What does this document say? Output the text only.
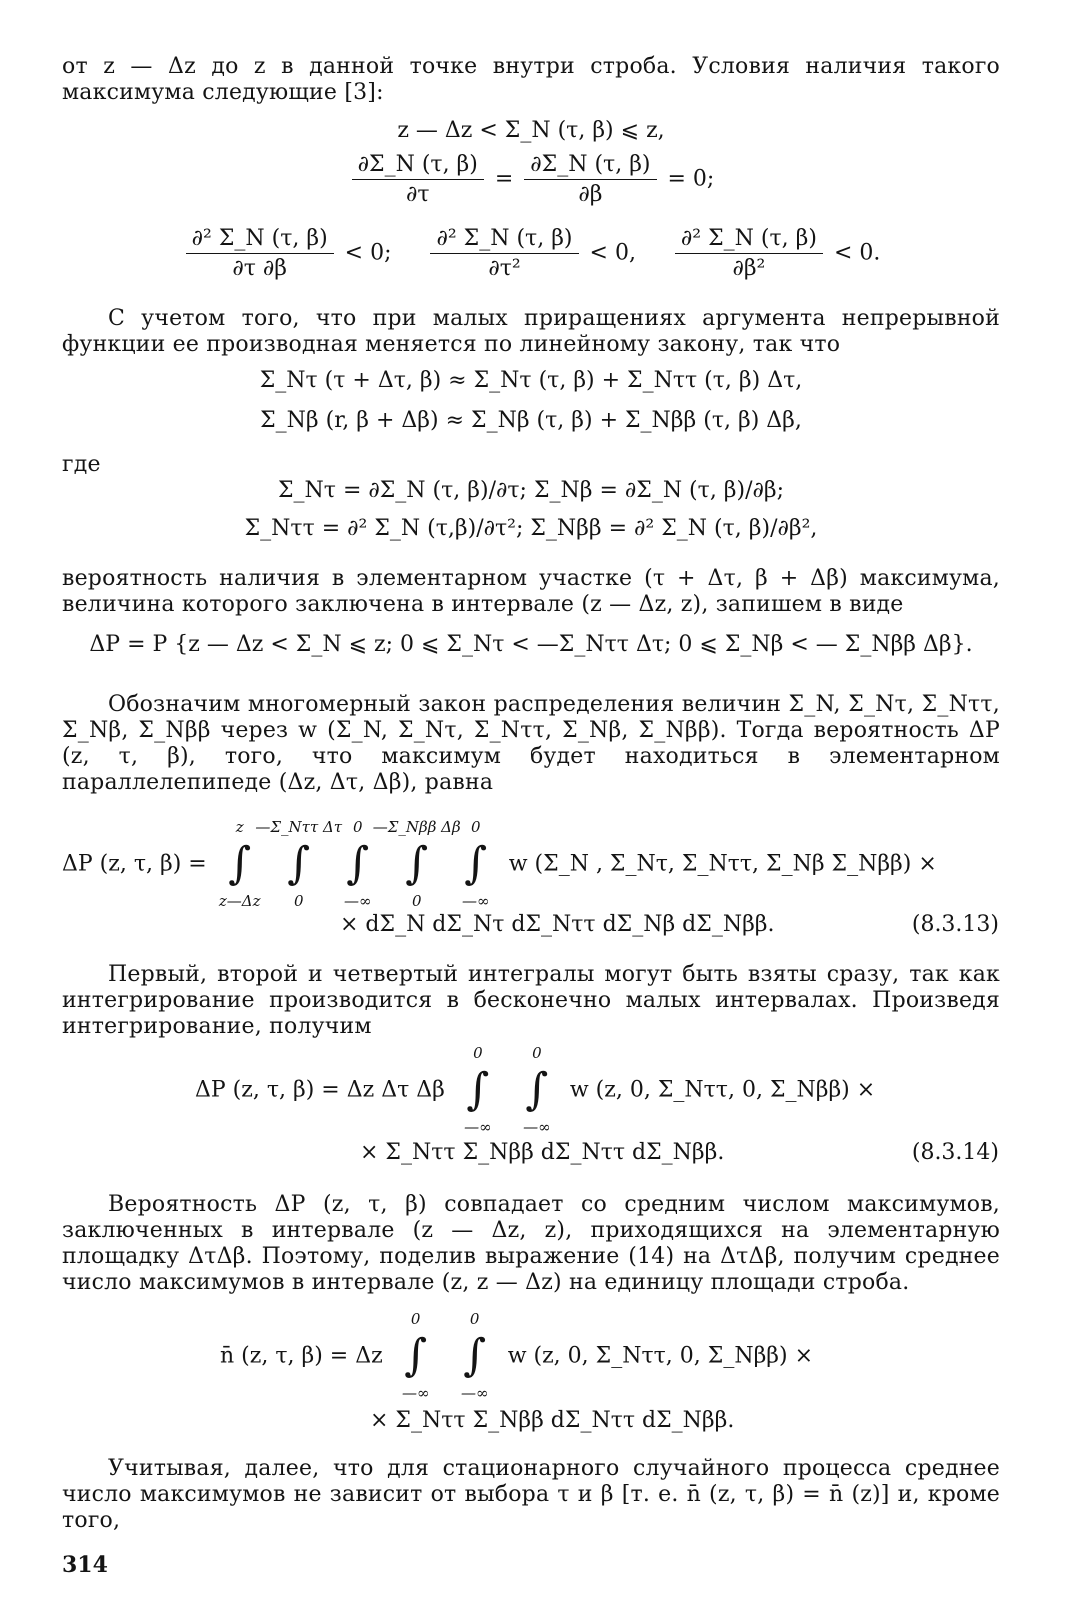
от z — Δz до z в данной точке внутри строба. Условия наличия такого максимума следующие [3]:
z — Δz < Σ_N (τ, β) ⩽ z,
$\frac{\partial\Sigma\_N (\tau, \beta)}{\partial\tau} = \frac{\partial\Sigma\_N (\tau, \beta)}{\partial\beta} = 0$;
$\frac{\text{∂² Σ\_N (τ, β)}}{\partial\tau \partial\beta} < 0$; $\frac{\text{∂² Σ\_N (τ, β)}}{\text{∂τ²}} < 0$, $\frac{\text{∂² Σ\_N (τ, β)}}{\text{∂β²}} < 0$.
С учетом того, что при малых приращениях аргумента непрерывной функции ее производная меняется по линейному закону, так что
Σ_Nτ (τ + Δτ, β) ≈ Σ_Nτ (τ, β) + Σ_Nττ (τ, β) Δτ,
Σ_Nβ (r, β + Δβ) ≈ Σ_Nβ (τ, β) + Σ_Nββ (τ, β) Δβ,
где
Σ_Nτ = ∂Σ_N (τ, β)/∂τ; Σ_Nβ = ∂Σ_N (τ, β)/∂β;
Σ_Nττ = ∂² Σ_N (τ,β)/∂τ²; Σ_Nββ = ∂² Σ_N (τ, β)/∂β²,
вероятность наличия в элементарном участке (τ + Δτ, β + Δβ) максимума, величина которого заключена в интервале (z — Δz, z), запишем в виде
ΔP = P {z — Δz < Σ_N ⩽ z; 0 ⩽ Σ_Nτ < —Σ_Nττ Δτ; 0 ⩽ Σ_Nβ < — Σ_Nββ Δβ}.
Обозначим многомерный закон распределения величин Σ_N, Σ_Nτ, Σ_Nττ, Σ_Nβ, Σ_Nββ через w (Σ_N, Σ_Nτ, Σ_Nττ, Σ_Nβ, Σ_Nββ). Тогда вероятность ΔP (z, τ, β), того, что максимум будет находиться в элементарном параллелепипеде (Δz, Δτ, Δβ), равна
ΔP (z, τ, β) =
z
∫
z—Δz

—Σ_Nττ Δτ
∫
0

0
∫
—∞

—Σ_Nββ Δβ
∫
0

0
∫
—∞
w (Σ_N , Σ_Nτ, Σ_Nττ, Σ_Nβ Σ_Nββ) ×
× dΣ_N dΣ_Nτ dΣ_Nττ dΣ_Nβ dΣ_Nββ.	(8.3.13)
Первый, второй и четвертый интегралы могут быть взяты сразу, так как интегрирование производится в бесконечно малых интервалах. Произведя интегрирование, получим
ΔP (z, τ, β) = Δz Δτ Δβ
0
∫
—∞

0
∫
—∞
w (z, 0, Σ_Nττ, 0, Σ_Nββ) ×
× Σ_Nττ Σ_Nββ dΣ_Nττ dΣ_Nββ.	(8.3.14)
Вероятность ΔP (z, τ, β) совпадает со средним числом максимумов, заключенных в интервале (z — Δz, z), приходящихся на элементарную площадку ΔτΔβ. Поэтому, поделив выражение (14) на ΔτΔβ, получим среднее число максимумов в интервале (z, z — Δz) на единицу площади строба.
n̄ (z, τ, β) = Δz
0
∫
—∞

0
∫
—∞
w (z, 0, Σ_Nττ, 0, Σ_Nββ) ×
× Σ_Nττ Σ_Nββ dΣ_Nττ dΣ_Nββ.
Учитывая, далее, что для стационарного случайного процесса среднее число максимумов не зависит от выбора τ и β [т. е. n̄ (z, τ, β) = n̄ (z)] и, кроме того,
314
